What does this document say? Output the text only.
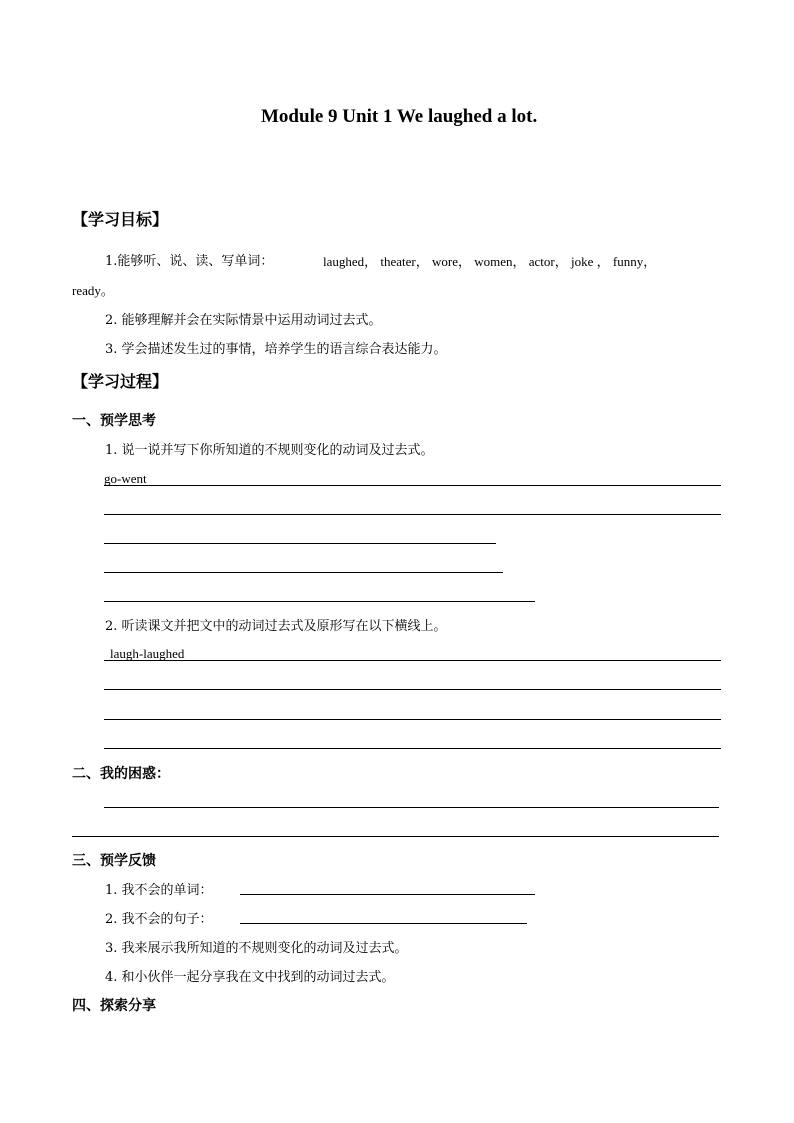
Module 9 Unit 1 We laughed a lot.
【学习目标】
1.能够听、说、读、写单词：	laughed， theater， wore， women， actor， joke ， funny，
ready。
2. 能够理解并会在实际情景中运用动词过去式。
3. 学会描述发生过的事情，培养学生的语言综合表达能力。
【学习过程】
一、预学思考
1. 说一说并写下你所知道的不规则变化的动词及过去式。
go-went
2. 听读课文并把文中的动词过去式及原形写在以下横线上。
laugh-laughed
二、我的困惑：
三、预学反馈
1. 我不会的单词：
2. 我不会的句子：
3. 我来展示我所知道的不规则变化的动词及过去式。
4. 和小伙伴一起分享我在文中找到的动词过去式。
四、探索分享
